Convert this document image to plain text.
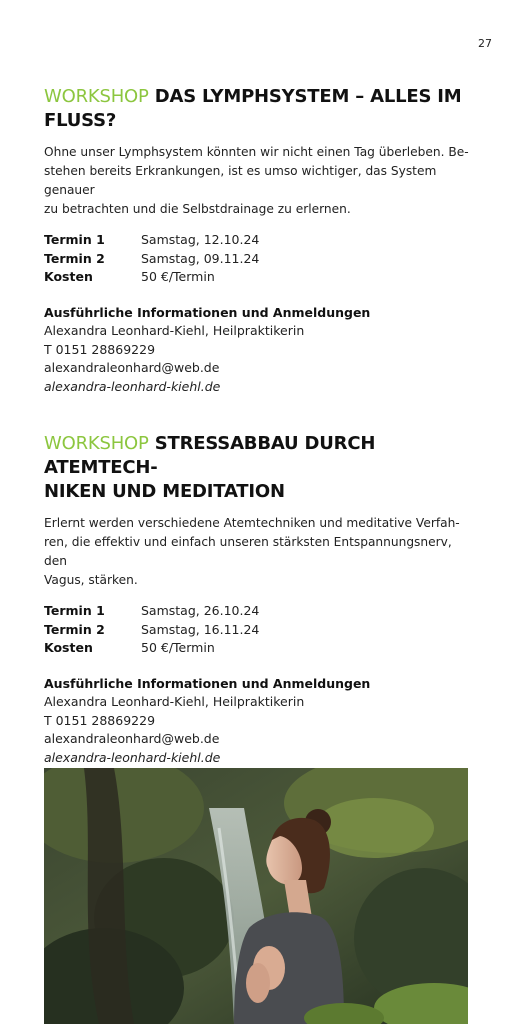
27
WORKSHOP DAS LYMPHSYSTEM – ALLES IM
FLUSS?

Ohne unser Lymphsystem könnten wir nicht einen Tag überleben. Be-
stehen bereits Erkrankungen, ist es umso wichtiger, das System genauer
zu betrachten und die Selbstdrainage zu erlernen.

Termin 1	Samstag, 12.10.24
Termin 2	Samstag, 09.11.24
Kosten	50 €/Termin
Ausführliche Informationen und Anmeldungen
Alexandra Leonhard-Kiehl, Heilpraktikerin
T 0151 28869229
alexandraleonhard@web.de
alexandra-leonhard-kiehl.de
WORKSHOP STRESSABBAU DURCH ATEMTECH-
NIKEN UND MEDITATION

Erlernt werden verschiedene Atemtechniken und meditative Verfah-
ren, die effektiv und einfach unseren stärksten Entspannungsnerv, den
Vagus, stärken.

Termin 1	Samstag, 26.10.24
Termin 2	Samstag, 16.11.24
Kosten	50 €/Termin
Ausführliche Informationen und Anmeldungen
Alexandra Leonhard-Kiehl, Heilpraktikerin
T 0151 28869229
alexandraleonhard@web.de
alexandra-leonhard-kiehl.de
